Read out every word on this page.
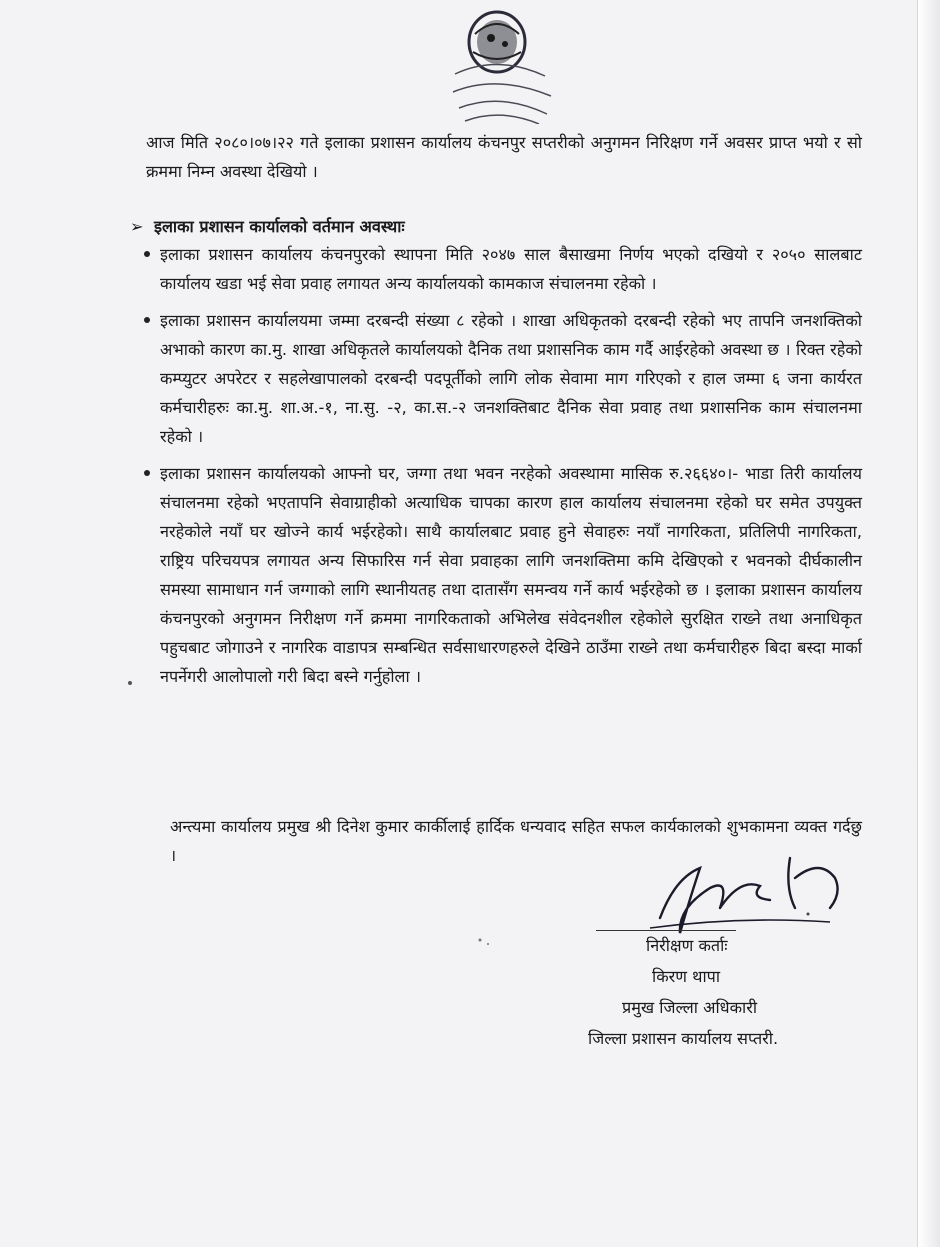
आज मिति २०८०।०७।२२ गते इलाका प्रशासन कार्यालय कंचनपुर सप्तरीको अनुगमन निरिक्षण गर्ने अवसर प्राप्त भयो र सो क्रममा निम्न अवस्था देखियो ।

➢ इलाका प्रशासन कार्यालको वर्तमान अवस्थाः
इलाका प्रशासन कार्यालय कंचनपुरको स्थापना मिति २०४७ साल बैसाखमा निर्णय भएको दखियो र २०५० सालबाट कार्यालय खडा भई सेवा प्रवाह लगायत अन्य कार्यालयको कामकाज संचालनमा रहेको ।
इलाका प्रशासन कार्यालयमा जम्मा दरबन्दी संख्या ८ रहेको । शाखा अधिकृतको दरबन्दी रहेको भए तापनि जनशक्तिको अभाको कारण का.मु. शाखा अधिकृतले कार्यालयको दैनिक तथा प्रशासनिक काम गर्दै आईरहेको अवस्था छ । रिक्त रहेको कम्प्युटर अपरेटर र सहलेखापालको दरबन्दी पदपूर्तीको लागि लोक सेवामा माग गरिएको र हाल जम्मा ६ जना कार्यरत कर्मचारीहरुः का.मु. शा.अ.-१, ना.सु. -२, का.स.-२ जनशक्तिबाट दैनिक सेवा प्रवाह तथा प्रशासनिक काम संचालनमा रहेको ।
इलाका प्रशासन कार्यालयको आफ्नो घर, जग्गा तथा भवन नरहेको अवस्थामा मासिक रु.२६६४०।- भाडा तिरी कार्यालय संचालनमा रहेको भएतापनि सेवाग्राहीको अत्याधिक चापका कारण हाल कार्यालय संचालनमा रहेको घर समेत उपयुक्त नरहेकोले नयाँ घर खोज्ने कार्य भईरहेको। साथै कार्यालबाट प्रवाह हुने सेवाहरुः नयाँ नागरिकता, प्रतिलिपी नागरिकता, राष्ट्रिय परिचयपत्र लगायत अन्य सिफारिस गर्न सेवा प्रवाहका लागि जनशक्तिमा कमि देखिएको र भवनको दीर्घकालीन समस्या सामाधान गर्न जग्गाको लागि स्थानीयतह तथा दातासँग समन्वय गर्ने कार्य भईरहेको छ । इलाका प्रशासन कार्यालय कंचनपुरको अनुगमन निरीक्षण गर्ने क्रममा नागरिकताको अभिलेख संवेदनशील रहेकोले सुरक्षित राख्ने तथा अनाधिकृत पहुचबाट जोगाउने र नागरिक वाडापत्र सम्बन्धित सर्वसाधारणहरुले देखिने ठाउँमा राख्ने तथा कर्मचारीहरु बिदा बस्दा मार्का नपर्नेगरी आलोपालो गरी बिदा बस्ने गर्नुहोला ।

अन्त्यमा कार्यालय प्रमुख श्री दिनेश कुमार कार्कीलाई हार्दिक धन्यवाद सहित सफल कार्यकालको शुभकामना व्यक्त गर्दछु ।

निरीक्षण कर्ताः
किरण थापा
प्रमुख जिल्ला अधिकारी
जिल्ला प्रशासन कार्यालय सप्तरी.
